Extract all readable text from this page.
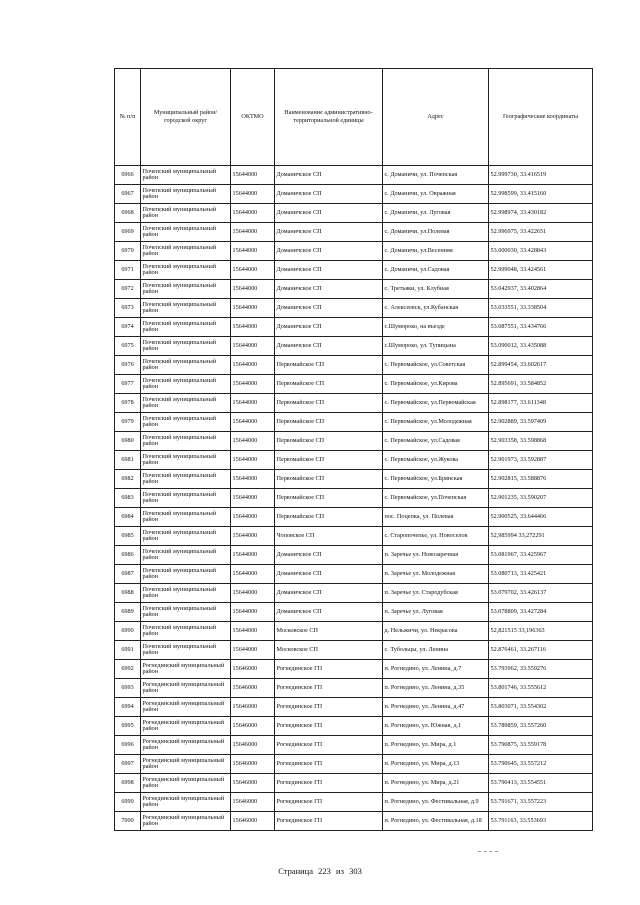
№ п/п	Муниципальный район/городской округ	ОКТМО	Наименование административно-территориальной единицы	Адрес	Географические координаты
6966	Почепский муниципальный район	15644000	Доманичское СП	с. Доманичи, ул. Почепская	52.999730, 33.416519
6967	Почепский муниципальный район	15644000	Доманичское СП	с. Доманичи, ул. Овражная	52.998599, 33.415160
6968	Почепский муниципальный район	15644000	Доманичское СП	с. Доманичи, ул. Луговая	52.998974, 33.430182
6969	Почепский муниципальный район	15644000	Доманичское СП	с. Доманичи, ул.Полевая	52.996975, 33.422651
6970	Почепский муниципальный район	15644000	Доманичское СП	с. Доманичи, ул.Весенняя	53.000030, 33.428843
6971	Почепский муниципальный район	15644000	Доманичское СП	с. Доманичи, ул.Садовая	52.999048, 33.424561
6972	Почепский муниципальный район	15644000	Доманичское СП	с. Третьяки, ул. Клубная	53.042937, 33.402864
6973	Почепский муниципальный район	15644000	Доманичское СП	с. Алексеевск, ул.Кубанская	53.033551, 33.338504
6974	Почепский муниципальный район	15644000	Доманичское СП	с.Шумороко, на въезде	53.087551, 33.434766
6975	Почепский муниципальный район	15644000	Доманичское СП	с.Шумороко, ул. Тупицына	53.090012, 33.435088
6976	Почепский муниципальный район	15644000	Первомайское СП	с. Первомайское, ул.Советская	52.899454, 33.602617
6977	Почепский муниципальный район	15644000	Первомайское СП	с. Первомайское, ул.Кирова	52.895691, 33.584852
6978	Почепский муниципальный район	15644000	Первомайское СП	с. Первомайское, ул.Первомайская	52.898177, 33.611348
6979	Почепский муниципальный район	15644000	Первомайское СП	с. Первомайское, ул.Молодежная	52.902889, 33.597409
6980	Почепский муниципальный район	15644000	Первомайское СП	с. Первомайское, ул.Садовая	52.903358, 33.598868
6981	Почепский муниципальный район	15644000	Первомайское СП	с. Первомайское, ул.Жукова	52.901973, 33.592887
6982	Почепский муниципальный район	15644000	Первомайское СП	с. Первомайское, ул.Брянская	52.902815, 33.588876
6983	Почепский муниципальный район	15644000	Первомайское СП	с. Первомайское, ул.Почепская	52.901235, 33.590207
6984	Почепский муниципальный район	15644000	Первомайское СП	пос. Поцепка, ул. Полевая	52.900525, 33.644466
6985	Почепский муниципальный район	15644000	Чоповское СП	с. Старопочепье, ул. Новоселов	52,985994 33,272291
6986	Почепский муниципальный район	15644000	Доманичское СП	п. Заречье ул. Новозаречная	53.081967, 33.425967
6987	Почепский муниципальный район	15644000	Доманичское СП	п. Заречье ул. Молодежная	53.080713, 33.425421
6988	Почепский муниципальный район	15644000	Доманичское СП	п. Заречье ул. Стародубская	53.079702, 33.426137
6989	Почепский муниципальный район	15644000	Доманичское СП	п. Заречье ул. Луговая	53.078809, 33.427284
6990	Почепский муниципальный район	15644000	Московское СП	д. Нельжичи, ул. Некрасова	52,821515 33,196363
6991	Почепский муниципальный район	15644000	Московское СП	с. Тубольцы, ул. Ленина	52.876461, 33.267116
6992	Рогнединский муниципальный район	15646000	Рогнединское ГП	п. Рогнедино, ул. Ленина, д.7	53.793962, 33.559276
6993	Рогнединский муниципальный район	15646000	Рогнединское ГП	п. Рогнедино, ул. Ленина, д.35	53.801746, 33.555612
6994	Рогнединский муниципальный район	15646000	Рогнединское ГП	п. Рогнедино, ул. Ленина, д.47	53.803071, 33.554302
6995	Рогнединский муниципальный район	15646000	Рогнединское ГП	п. Рогнедино, ул. Южная, д.1	53.789859, 33.557260
6996	Рогнединский муниципальный район	15646000	Рогнединское ГП	п. Рогнедино, ул. Мира, д.1	53.790875, 33.559178
6997	Рогнединский муниципальный район	15646000	Рогнединское ГП	п. Рогнедино, ул. Мира, д.13	53.790645, 33.557212
6998	Рогнединский муниципальный район	15646000	Рогнединское ГП	п. Рогнедино, ул. Мира, д.21	53.790413, 33.554551
6999	Рогнединский муниципальный район	15646000	Рогнединское ГП	п. Рогнедино, ул. Фестивальная, д.9	53.791671, 33.557223
7000	Рогнединский муниципальный район	15646000	Рогнединское ГП	п. Рогнедино, ул. Фестивальная, д.18	53.791163, 33.553693
Страница 223 из 303
